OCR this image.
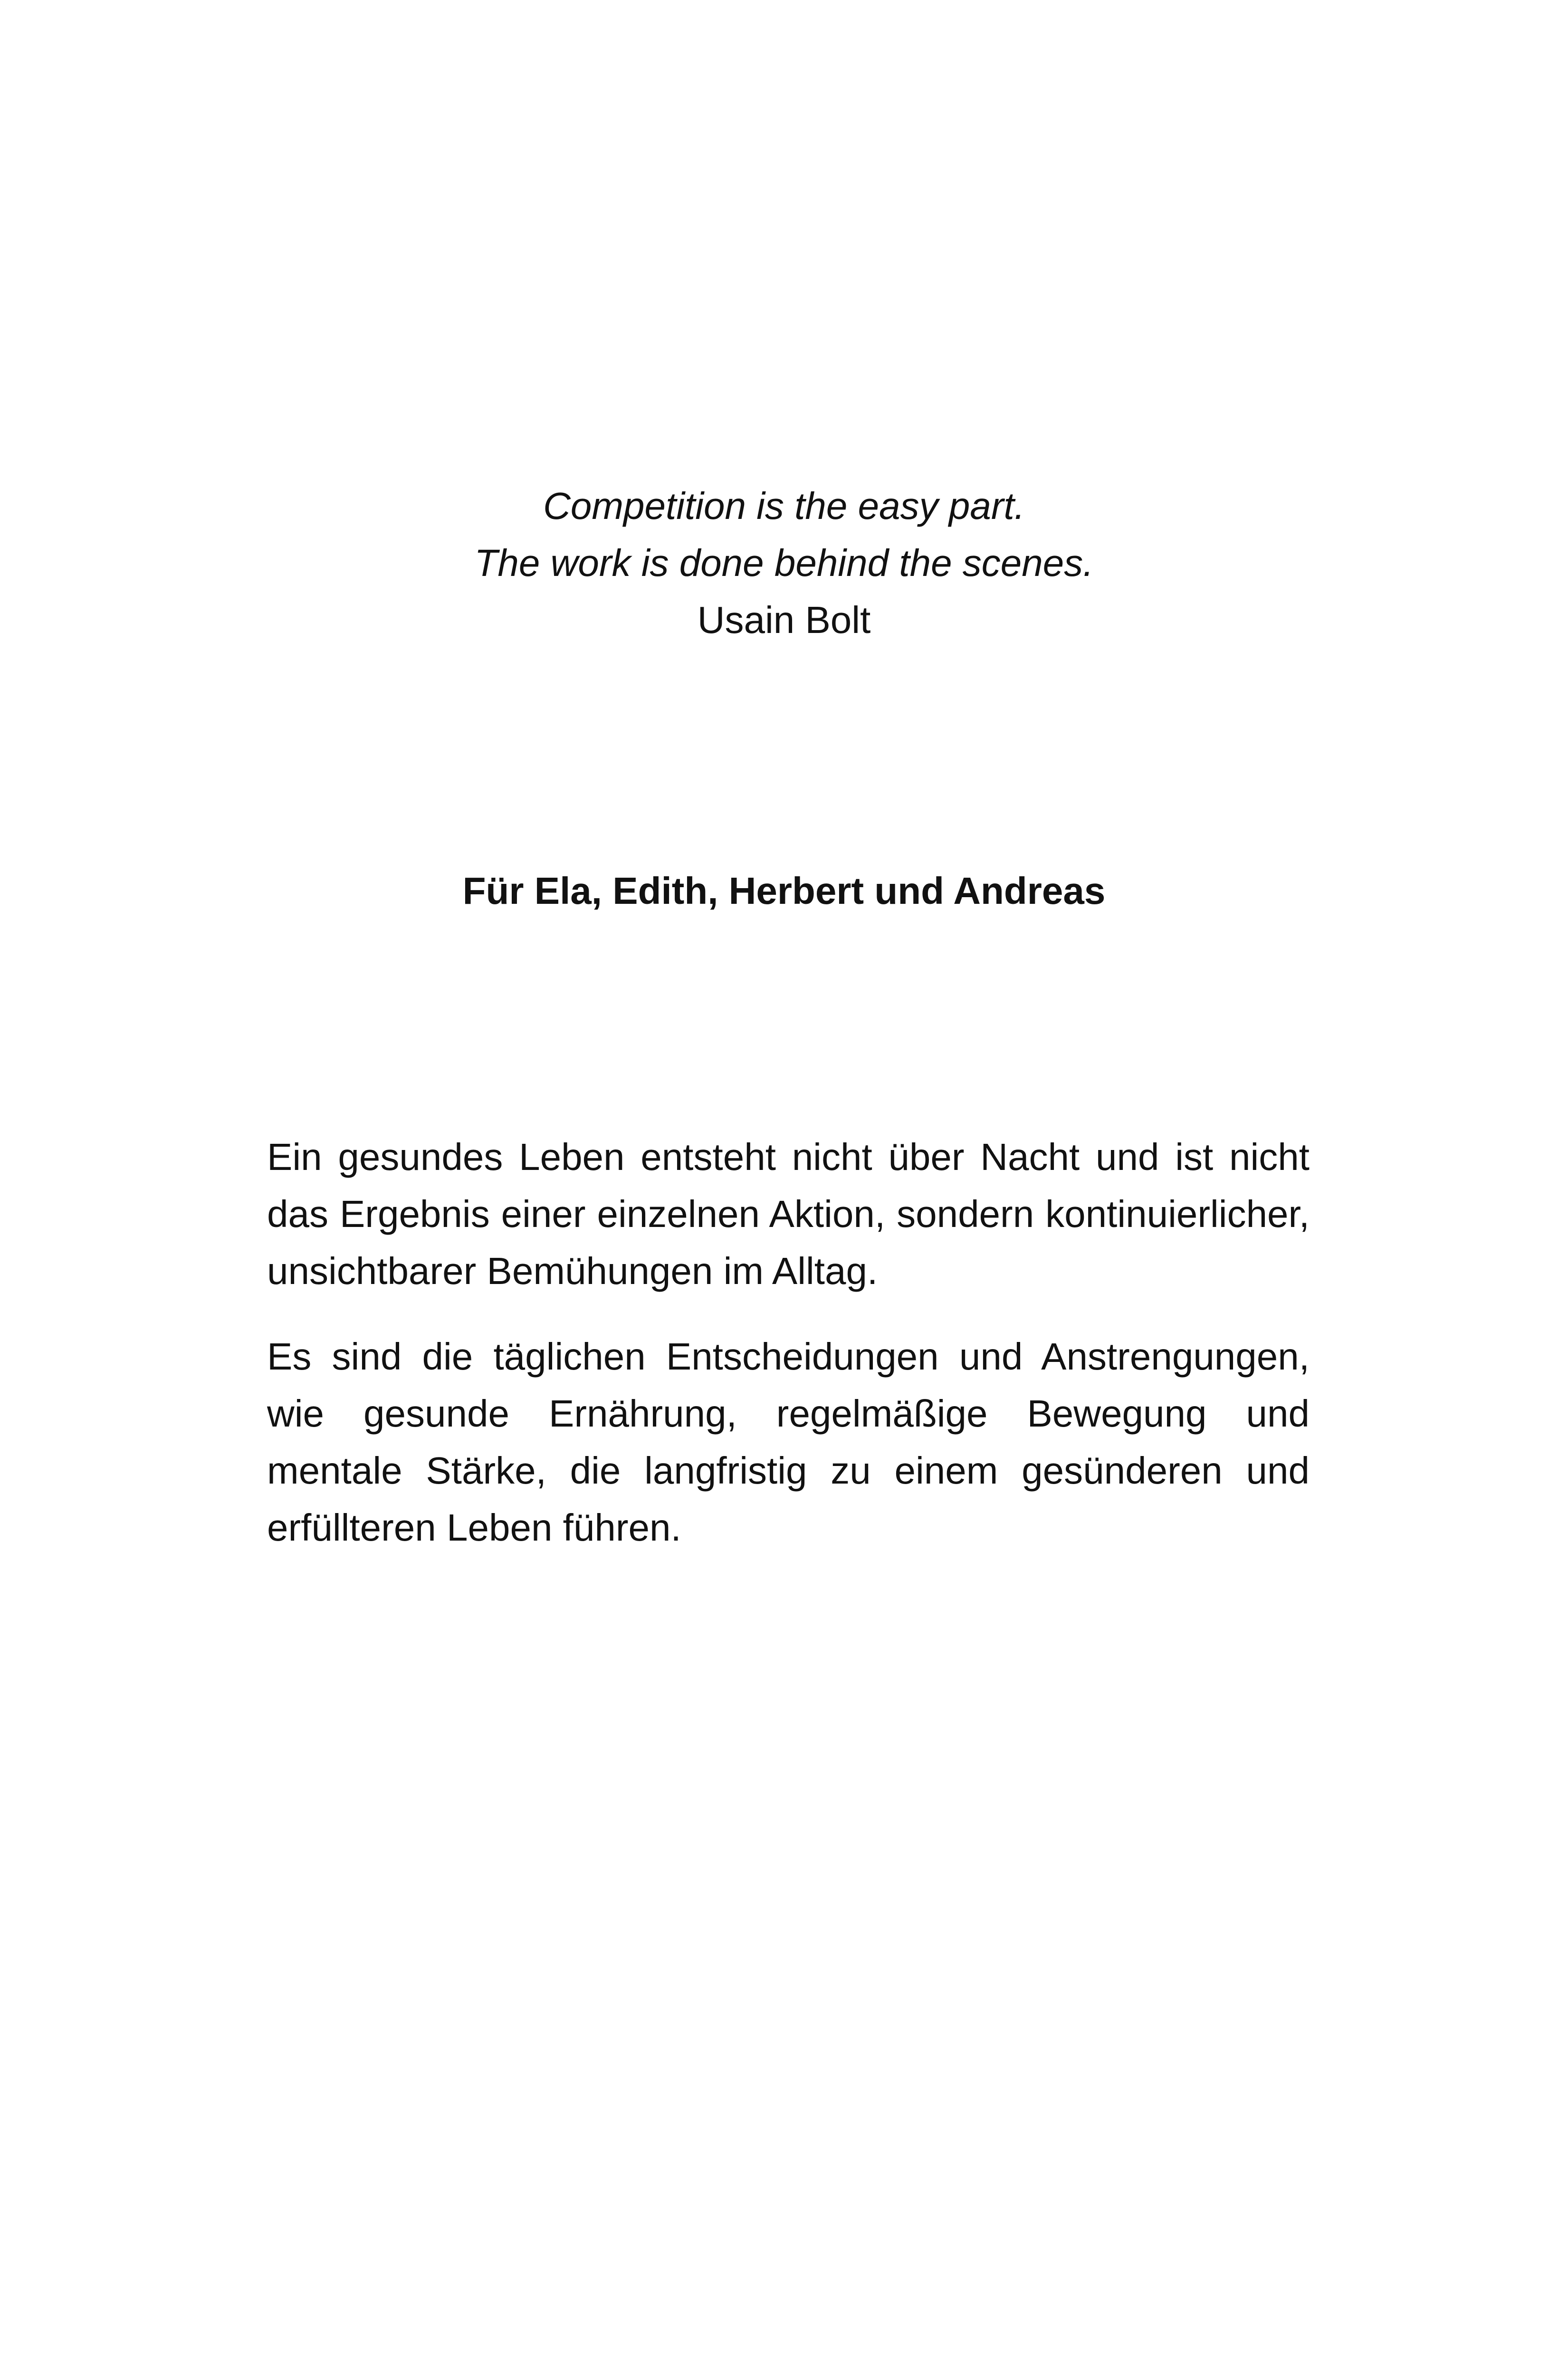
Competition is the easy part.
The work is done behind the scenes.
Usain Bolt
Für Ela, Edith, Herbert und Andreas

Ein gesundes Leben entsteht nicht über Nacht und ist nicht das Ergebnis einer einzelnen Aktion, sondern kontinuierlicher, unsichtbarer Bemühungen im Alltag.

Es sind die täglichen Entscheidungen und Anstrengungen, wie gesunde Ernährung, regelmäßige Bewegung und mentale Stärke, die langfristig zu einem gesünderen und erfüllteren Leben führen.
